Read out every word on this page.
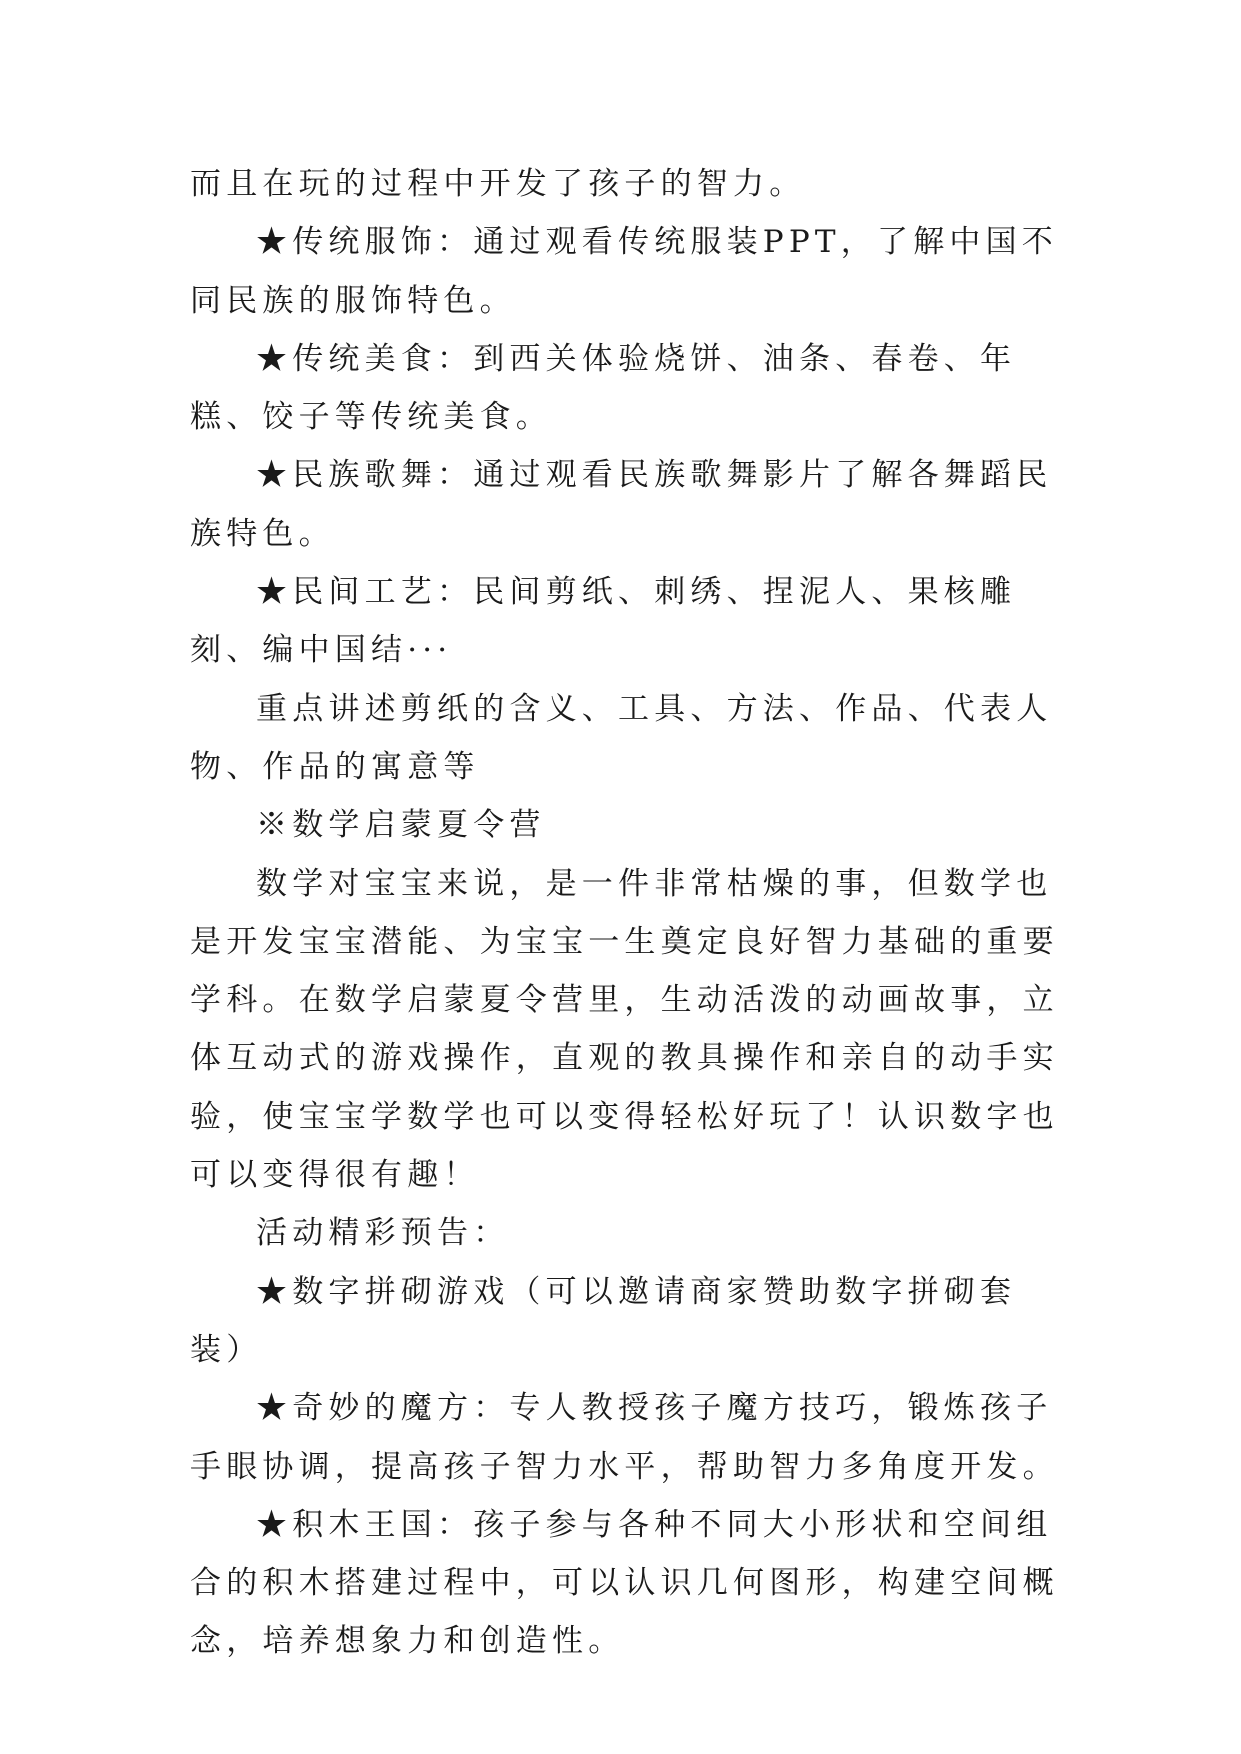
而且在玩的过程中开发了孩子的智力。

★传统服饰：通过观看传统服装PPT，了解中国不同民族的服饰特色。

★传统美食：到西关体验烧饼、油条、春卷、年糕、饺子等传统美食。

★民族歌舞：通过观看民族歌舞影片了解各舞蹈民族特色。

★民间工艺：民间剪纸、刺绣、捏泥人、果核雕刻、编中国结···

重点讲述剪纸的含义、工具、方法、作品、代表人物、作品的寓意等

※数学启蒙夏令营

数学对宝宝来说，是一件非常枯燥的事，但数学也是开发宝宝潜能、为宝宝一生奠定良好智力基础的重要学科。在数学启蒙夏令营里，生动活泼的动画故事，立体互动式的游戏操作，直观的教具操作和亲自的动手实验，使宝宝学数学也可以变得轻松好玩了！认识数字也可以变得很有趣！

活动精彩预告：

★数字拼砌游戏（可以邀请商家赞助数字拼砌套装）

★奇妙的魔方：专人教授孩子魔方技巧，锻炼孩子手眼协调，提高孩子智力水平，帮助智力多角度开发。

★积木王国：孩子参与各种不同大小形状和空间组合的积木搭建过程中，可以认识几何图形，构建空间概念，培养想象力和创造性。
